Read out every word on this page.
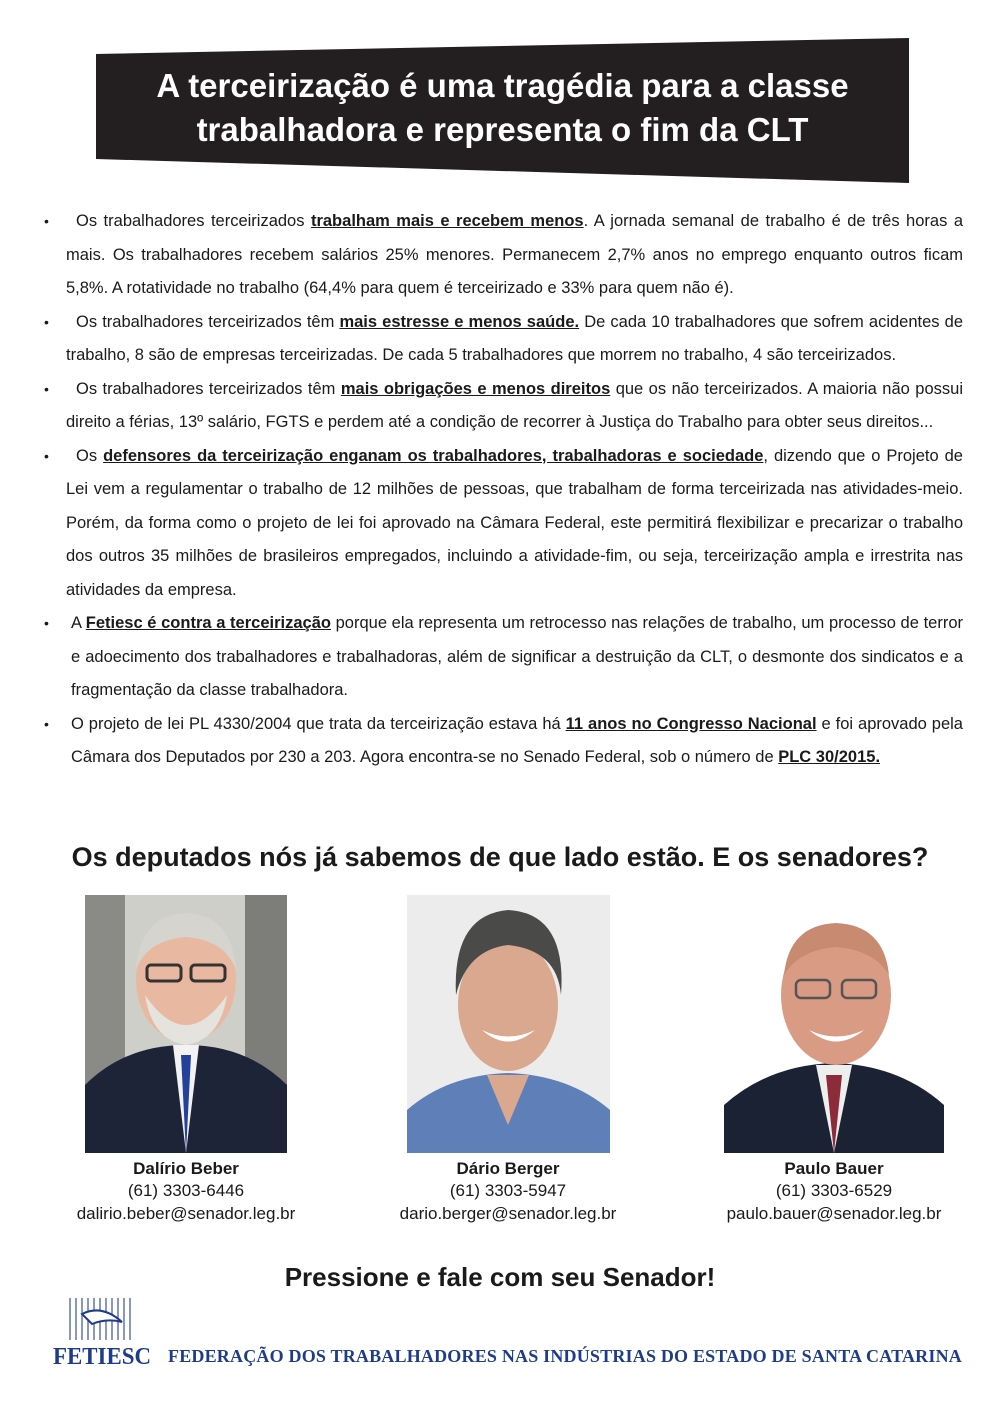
A terceirização é uma tragédia para a classe trabalhadora e representa o fim da CLT
• Os trabalhadores terceirizados trabalham mais e recebem menos. A jornada semanal de trabalho é de três horas a mais. Os trabalhadores recebem salários 25% menores. Permanecem 2,7% anos no emprego enquanto outros ficam 5,8%. A rotatividade no trabalho (64,4% para quem é terceirizado e 33% para quem não é).
• Os trabalhadores terceirizados têm mais estresse e menos saúde. De cada 10 trabalhadores que sofrem acidentes de trabalho, 8 são de empresas terceirizadas. De cada 5 trabalhadores que morrem no trabalho, 4 são terceirizados.
• Os trabalhadores terceirizados têm mais obrigações e menos direitos que os não terceirizados. A maioria não possui direito a férias, 13º salário, FGTS e perdem até a condição de recorrer à Justiça do Trabalho para obter seus direitos...
• Os defensores da terceirização enganam os trabalhadores, trabalhadoras e sociedade, dizendo que o Projeto de Lei vem a regulamentar o trabalho de 12 milhões de pessoas, que trabalham de forma terceirizada nas atividades-meio. Porém, da forma como o projeto de lei foi aprovado na Câmara Federal, este permitirá flexibilizar e precarizar o trabalho dos outros 35 milhões de brasileiros empregados, incluindo a atividade-fim, ou seja, terceirização ampla e irrestrita nas atividades da empresa.
• A Fetiesc é contra a terceirização porque ela representa um retrocesso nas relações de trabalho, um processo de terror e adoecimento dos trabalhadores e trabalhadoras, além de significar a destruição da CLT, o desmonte dos sindicatos e a fragmentação da classe trabalhadora.
• O projeto de lei PL 4330/2004 que trata da terceirização estava há 11 anos no Congresso Nacional e foi aprovado pela Câmara dos Deputados por 230 a 203. Agora encontra-se no Senado Federal, sob o número de PLC 30/2015.
Os deputados nós já sabemos de que lado estão. E os senadores?
Dalírio Beber
(61) 3303-6446
dalirio.beber@senador.leg.br
Dário Berger
(61) 3303-5947
dario.berger@senador.leg.br
Paulo Bauer
(61) 3303-6529
paulo.bauer@senador.leg.br
Pressione e fale com seu Senador!
FETIESC FEDERAÇÃO DOS TRABALHADORES NAS INDÚSTRIAS DO ESTADO DE SANTA CATARINA
